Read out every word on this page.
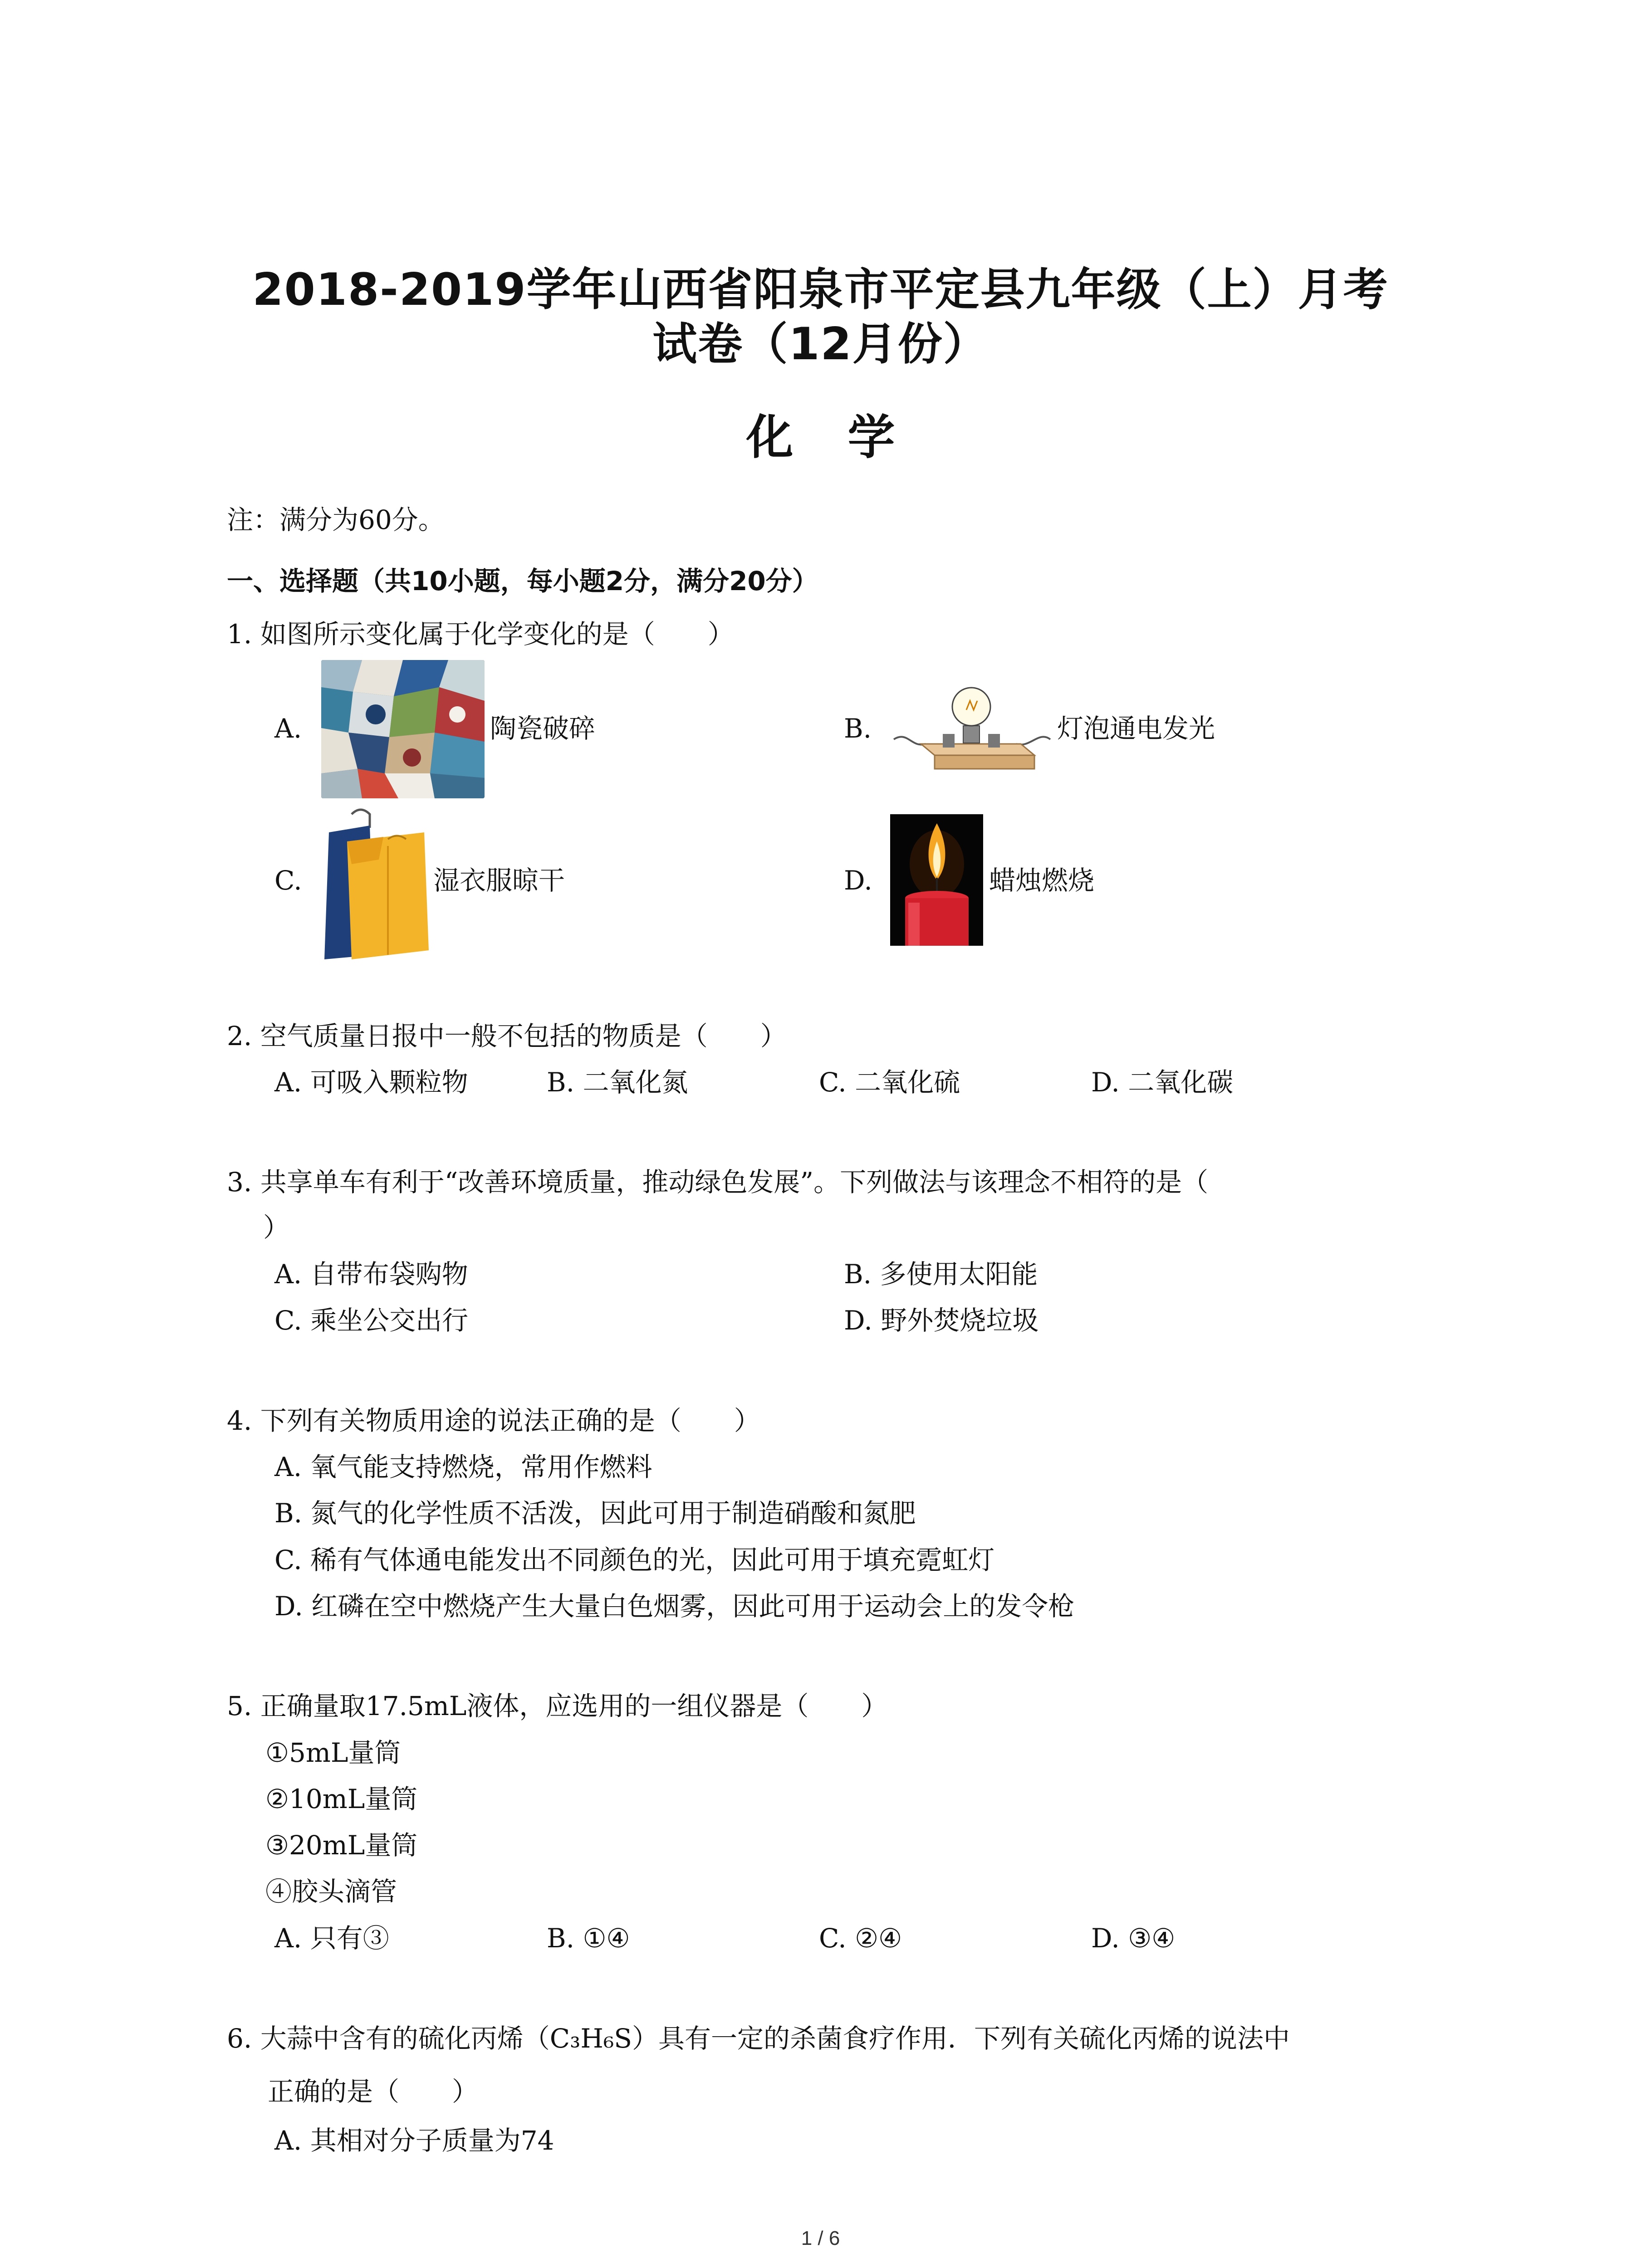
2018-2019学年山西省阳泉市平定县九年级（上）月考
试卷（12月份）
化学
注：满分为60分。
一、选择题（共10小题，每小题2分，满分20分）
1. 如图所示变化属于化学变化的是（　　）
A.	陶瓷破碎	B.	灯泡通电发光
C.	湿衣服晾干	D.	蜡烛燃烧
2. 空气质量日报中一般不包括的物质是（　　）
A. 可吸入颗粒物	B. 二氧化氮	C. 二氧化硫	D. 二氧化碳
3. 共享单车有利于“改善环境质量，推动绿色发展”。下列做法与该理念不相符的是（
）
A. 自带布袋购物	B. 多使用太阳能
C. 乘坐公交出行	D. 野外焚烧垃圾
4. 下列有关物质用途的说法正确的是（　　）
A. 氧气能支持燃烧，常用作燃料
B. 氮气的化学性质不活泼，因此可用于制造硝酸和氮肥
C. 稀有气体通电能发出不同颜色的光，因此可用于填充霓虹灯
D. 红磷在空中燃烧产生大量白色烟雾，因此可用于运动会上的发令枪
5. 正确量取17.5mL液体，应选用的一组仪器是（　　）
①5mL量筒
②10mL量筒
③20mL量筒
④胶头滴管
A. 只有③	B. ①④	C. ②④	D. ③④
6. 大蒜中含有的硫化丙烯（C₃H₆S）具有一定的杀菌食疗作用．下列有关硫化丙烯的说法中
正确的是（　　）
A. 其相对分子质量为74
1 / 6
